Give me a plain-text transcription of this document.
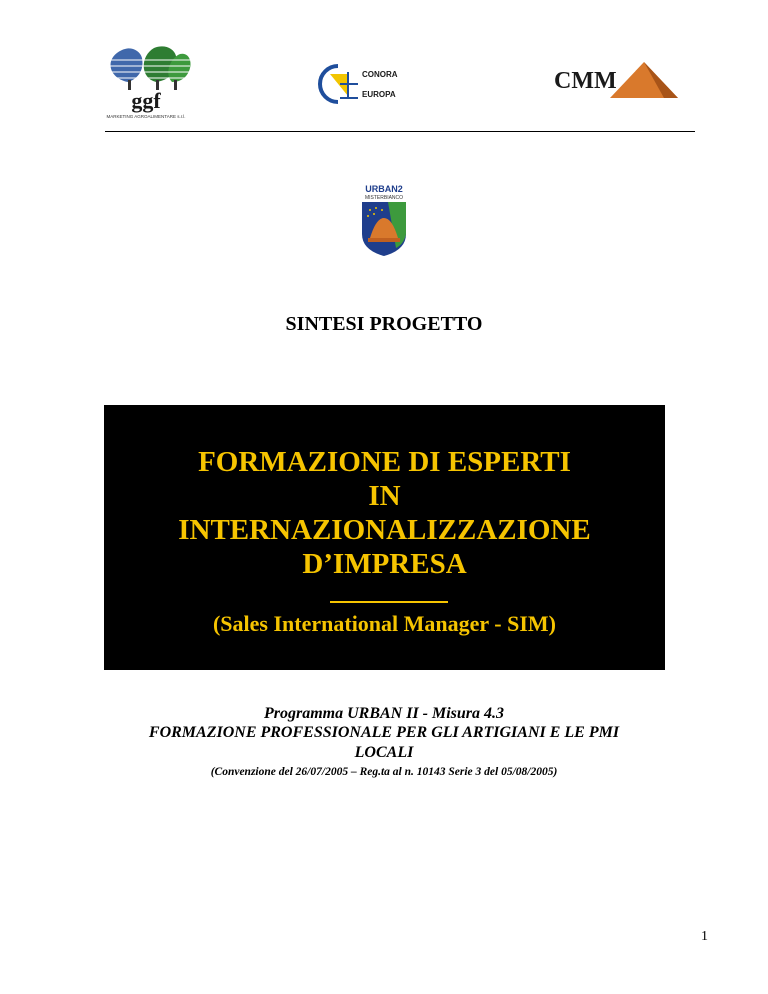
ggf
MARKETING AGROALIMENTARE s.r.l.
CONORA
EUROPA
CMM
URBAN2
MISTERBIANCO
SINTESI PROGETTO
FORMAZIONE DI ESPERTI
IN
INTERNAZIONALIZZAZIONE
D’IMPRESA
(Sales International Manager - SIM)
Programma URBAN II - Misura 4.3
FORMAZIONE PROFESSIONALE PER GLI ARTIGIANI E LE PMI
LOCALI
(Convenzione del 26/07/2005 – Reg.ta al n. 10143 Serie 3 del 05/08/2005)
1
